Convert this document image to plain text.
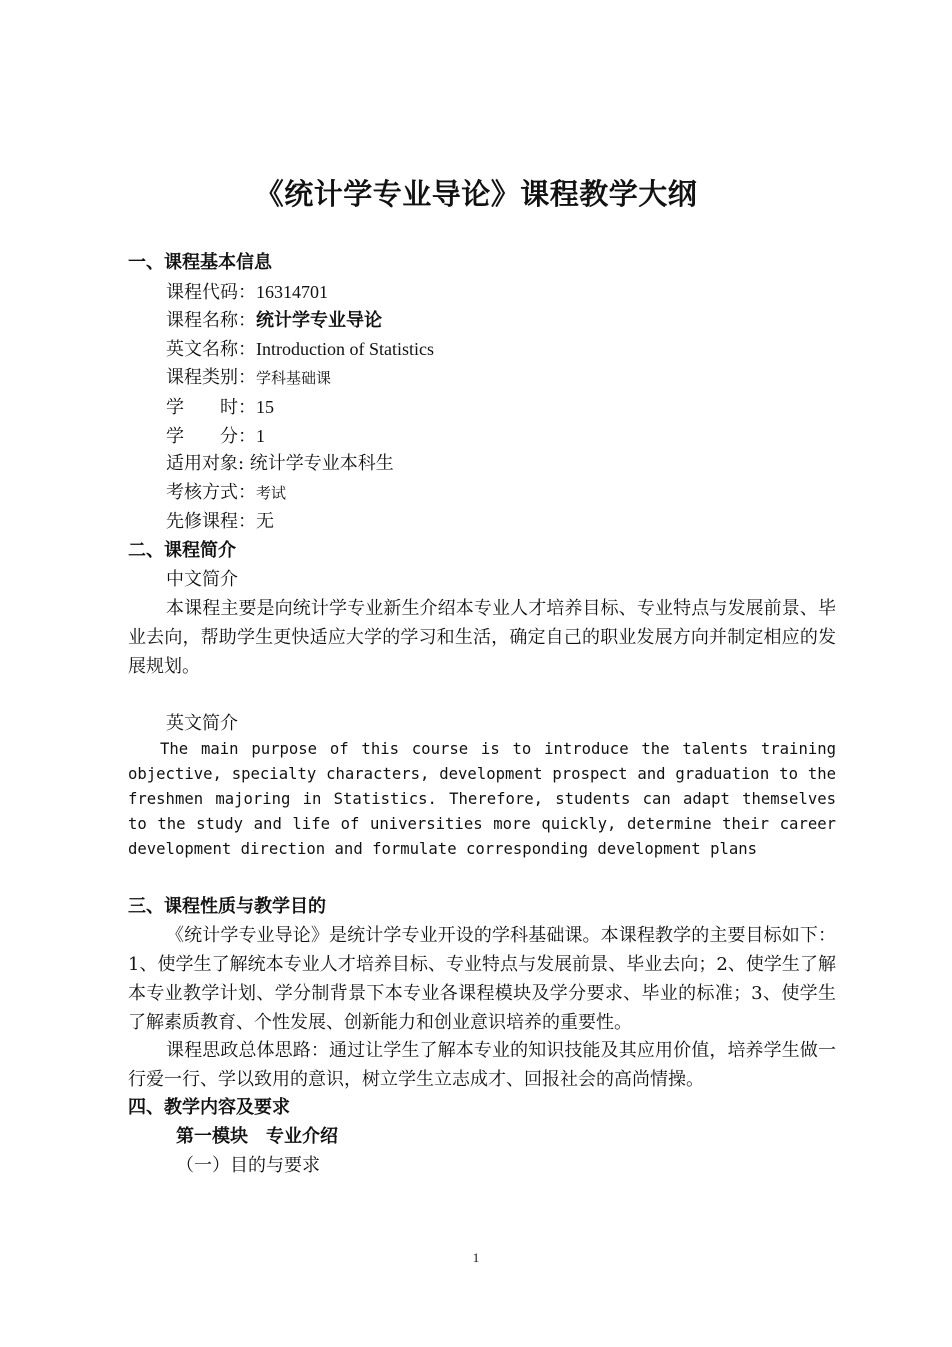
《统计学专业导论》课程教学大纲
一、课程基本信息
课程代码：16314701
课程名称：统计学专业导论
英文名称：Introduction of Statistics
课程类别：学科基础课
学　　时：15
学　　分：1
适用对象: 统计学专业本科生
考核方式：考试
先修课程：无
二、课程简介
中文简介
本课程主要是向统计学专业新生介绍本专业人才培养目标、专业特点与发展前景、毕业去向，帮助学生更快适应大学的学习和生活，确定自己的职业发展方向并制定相应的发展规划。
英文简介
The main purpose of this course is to introduce the talents training objective, specialty characters, development prospect and graduation to the freshmen majoring in Statistics. Therefore, students can adapt themselves to the study and life of universities more quickly, determine their career development direction and formulate corresponding development plans
三、课程性质与教学目的
《统计学专业导论》是统计学专业开设的学科基础课。本课程教学的主要目标如下：1、使学生了解统本专业人才培养目标、专业特点与发展前景、毕业去向；2、使学生了解本专业教学计划、学分制背景下本专业各课程模块及学分要求、毕业的标准；3、使学生了解素质教育、个性发展、创新能力和创业意识培养的重要性。
课程思政总体思路：通过让学生了解本专业的知识技能及其应用价值，培养学生做一行爱一行、学以致用的意识，树立学生立志成才、回报社会的高尚情操。
四、教学内容及要求
第一模块　专业介绍
（一）目的与要求
1
